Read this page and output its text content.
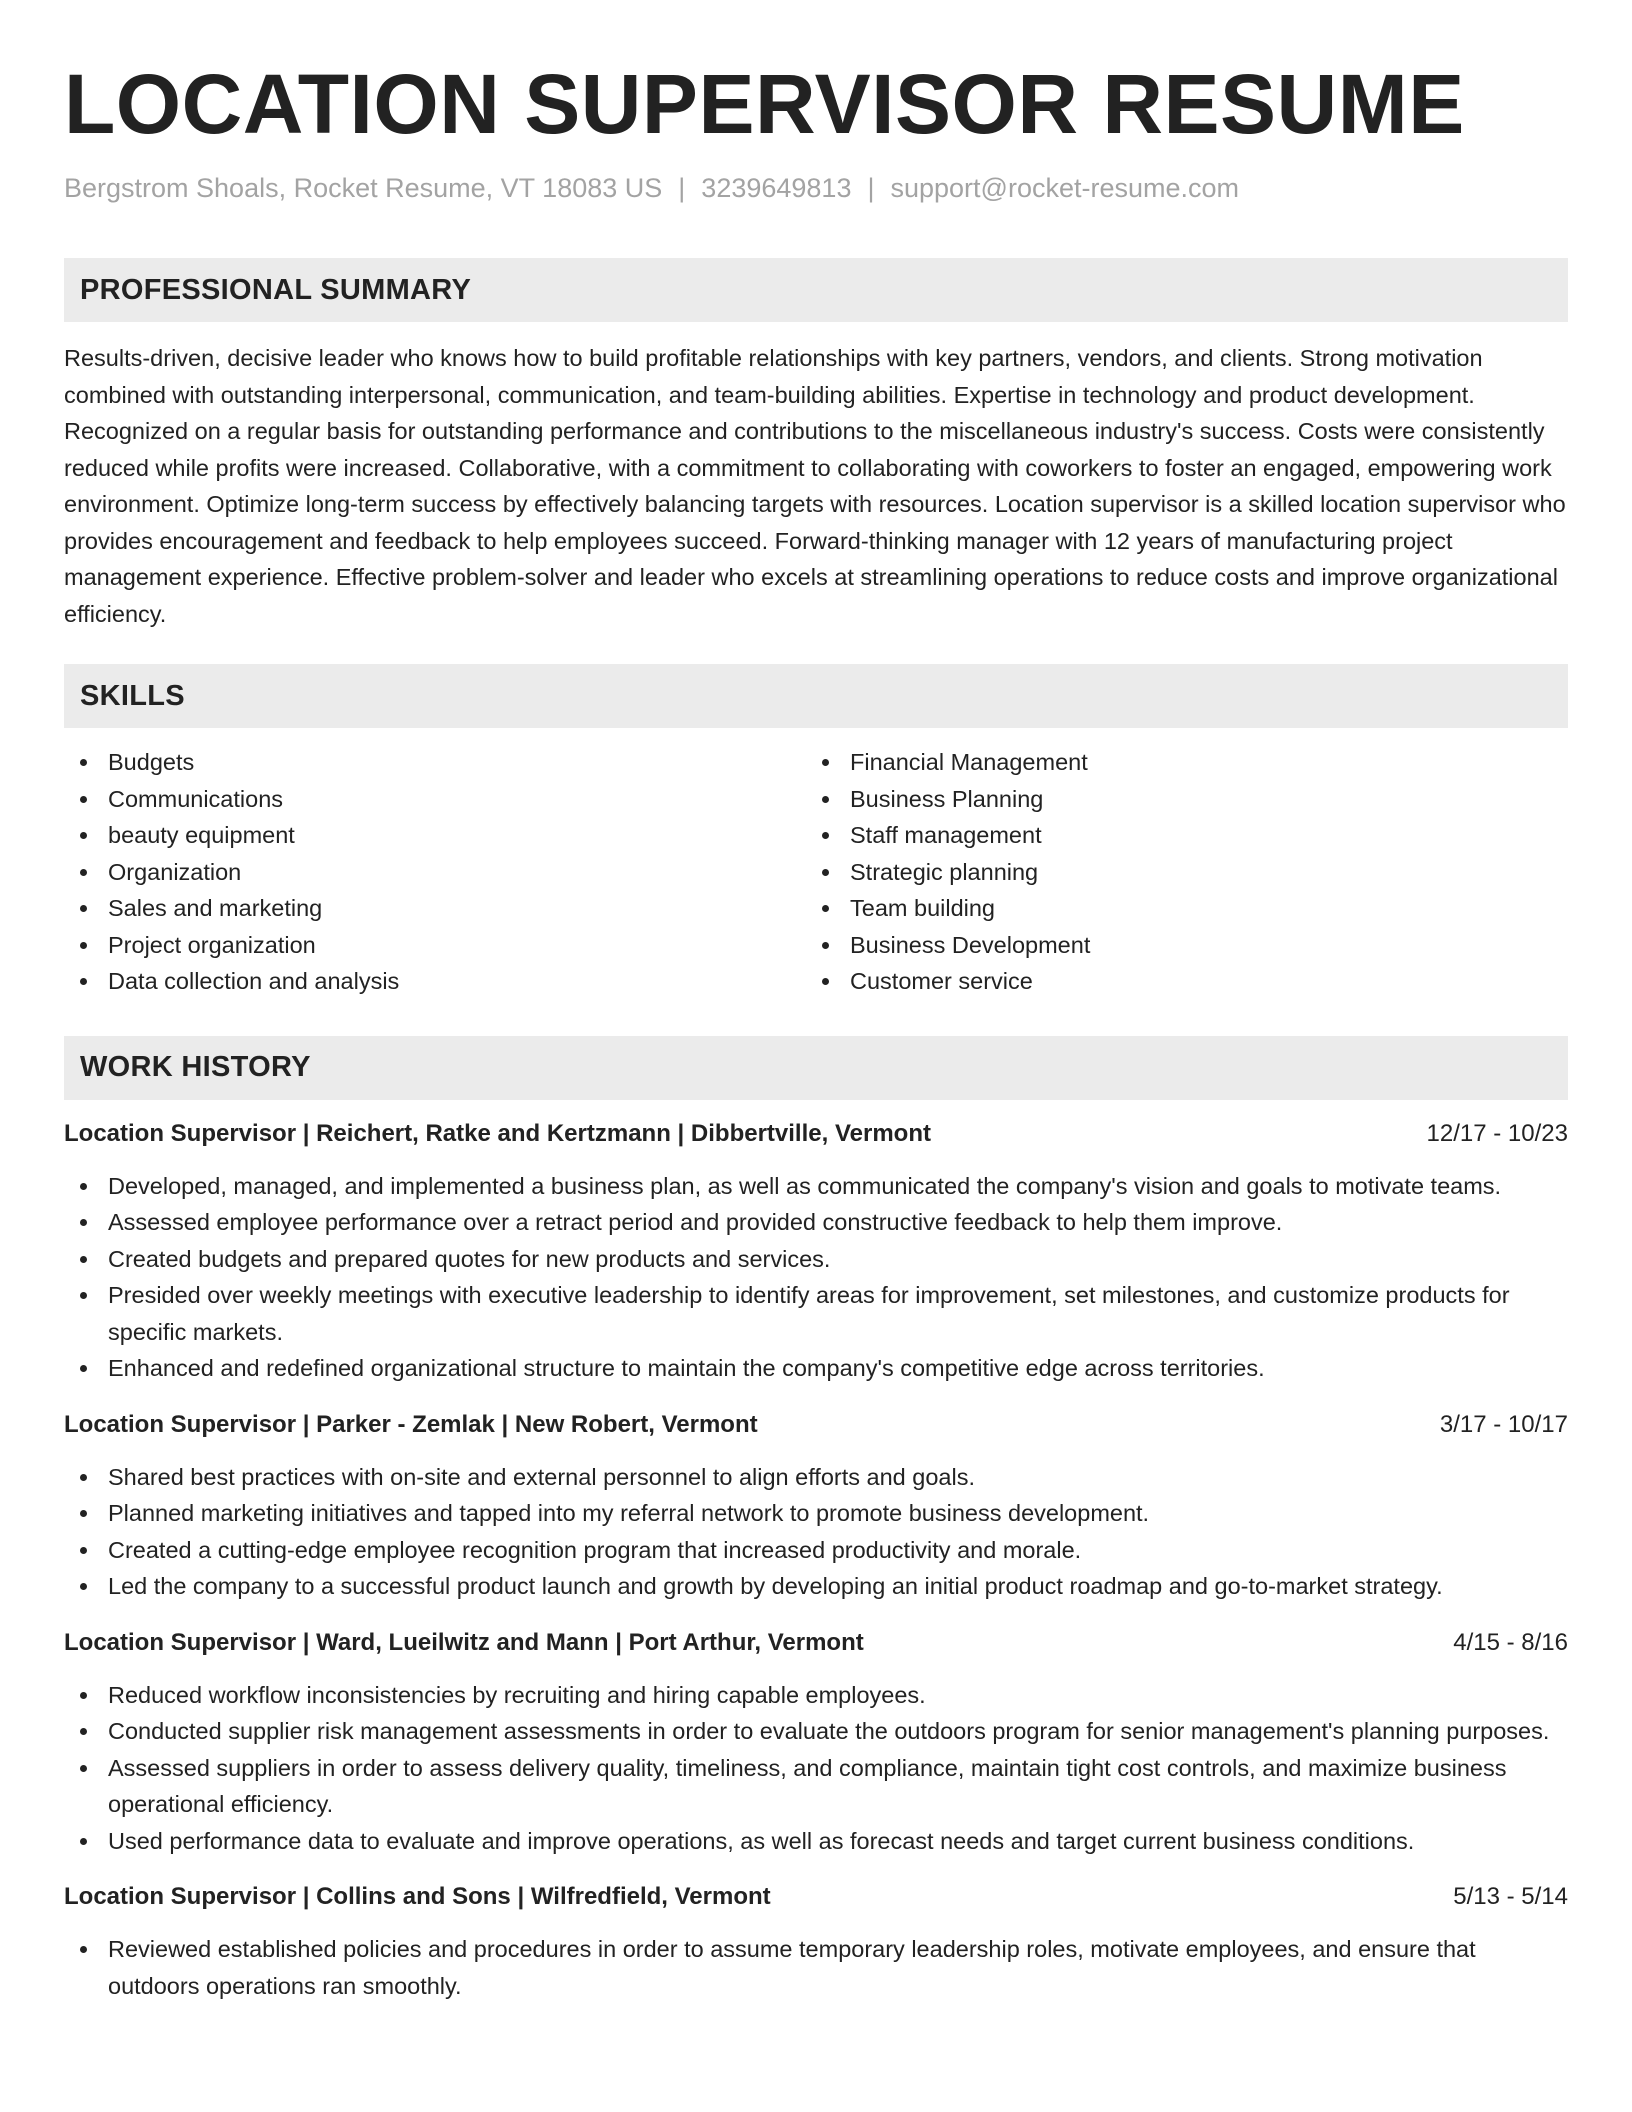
LOCATION SUPERVISOR RESUME
Bergstrom Shoals, Rocket Resume, VT 18083 US | 3239649813 | support@rocket-resume.com
PROFESSIONAL SUMMARY

Results-driven, decisive leader who knows how to build profitable relationships with key partners, vendors, and clients. Strong motivation combined with outstanding interpersonal, communication, and team-building abilities. Expertise in technology and product development. Recognized on a regular basis for outstanding performance and contributions to the miscellaneous industry's success. Costs were consistently reduced while profits were increased. Collaborative, with a commitment to collaborating with coworkers to foster an engaged, empowering work environment. Optimize long-term success by effectively balancing targets with resources. Location supervisor is a skilled location supervisor who provides encouragement and feedback to help employees succeed. Forward-thinking manager with 12 years of manufacturing project management experience. Effective problem-solver and leader who excels at streamlining operations to reduce costs and improve organizational efficiency.

SKILLS
Budgets
Communications
beauty equipment
Organization
Sales and marketing
Project organization
Data collection and analysis
Financial Management
Business Planning
Staff management
Strategic planning
Team building
Business Development
Customer service
WORK HISTORY
Location Supervisor | Reichert, Ratke and Kertzmann | Dibbertville, Vermont	12/17 - 10/23
Developed, managed, and implemented a business plan, as well as communicated the company's vision and goals to motivate teams.
Assessed employee performance over a retract period and provided constructive feedback to help them improve.
Created budgets and prepared quotes for new products and services.
Presided over weekly meetings with executive leadership to identify areas for improvement, set milestones, and customize products for specific markets.
Enhanced and redefined organizational structure to maintain the company's competitive edge across territories.
Location Supervisor | Parker - Zemlak | New Robert, Vermont	3/17 - 10/17
Shared best practices with on-site and external personnel to align efforts and goals.
Planned marketing initiatives and tapped into my referral network to promote business development.
Created a cutting-edge employee recognition program that increased productivity and morale.
Led the company to a successful product launch and growth by developing an initial product roadmap and go-to-market strategy.
Location Supervisor | Ward, Lueilwitz and Mann | Port Arthur, Vermont	4/15 - 8/16
Reduced workflow inconsistencies by recruiting and hiring capable employees.
Conducted supplier risk management assessments in order to evaluate the outdoors program for senior management's planning purposes.
Assessed suppliers in order to assess delivery quality, timeliness, and compliance, maintain tight cost controls, and maximize business operational efficiency.
Used performance data to evaluate and improve operations, as well as forecast needs and target current business conditions.
Location Supervisor | Collins and Sons | Wilfredfield, Vermont	5/13 - 5/14
Reviewed established policies and procedures in order to assume temporary leadership roles, motivate employees, and ensure that outdoors operations ran smoothly.
